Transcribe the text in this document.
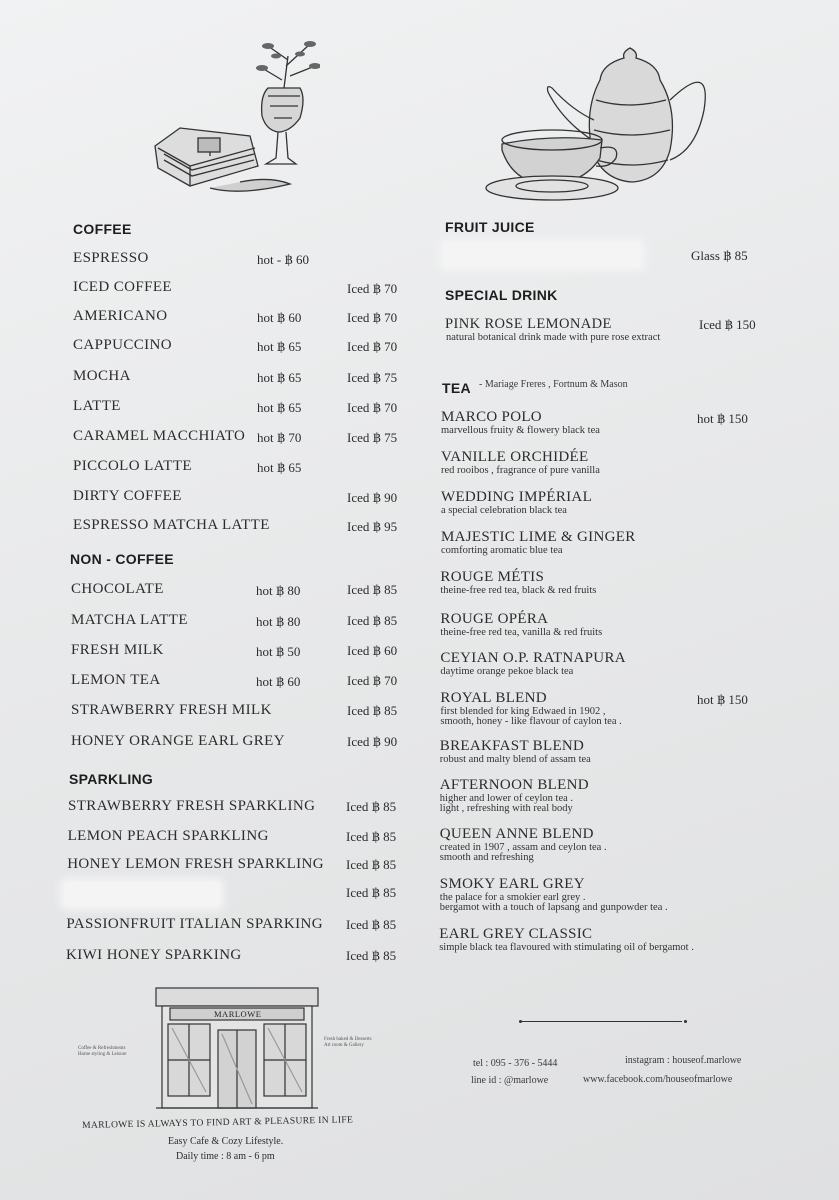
COFFEE
NON - COFFEE
SPARKLING
FRUIT JUICE
Glass ฿ 85
SPECIAL DRINK
PINK ROSE LEMONADE	Iced ฿ 150
natural botanical drink made with pure rose extract
TEA - Mariage Freres , Fortnum & Mason
tel : 095 - 376 - 5444
line id : @marlowe
instagram : houseof.marlowe
www.facebook.com/houseofmarlowe
MARLOWE
Coffee & Refreshments
Home styling & Leisure
Fresh baked & Desserts
Art room & Gallery
MARLOWE IS ALWAYS TO FIND ART & PLEASURE IN LIFE
Easy Cafe & Cozy Lifestyle.
Daily time : 8 am - 6 pm
ESPRESSO	hot - ฿ 60
ICED COFFEE	Iced ฿ 70
AMERICANO	hot ฿ 60	Iced ฿ 70
CAPPUCCINO	hot ฿ 65	Iced ฿ 70
MOCHA	hot ฿ 65	Iced ฿ 75
LATTE	hot ฿ 65	Iced ฿ 70
CARAMEL MACCHIATO hot ฿ 70	Iced ฿ 75
PICCOLO LATTE	hot ฿ 65
DIRTY COFFEE	Iced ฿ 90
ESPRESSO MATCHA LATTE	Iced ฿ 95
CHOCOLATE	hot ฿ 80	Iced ฿ 85
MATCHA LATTE	hot ฿ 80	Iced ฿ 85
FRESH MILK	hot ฿ 50	Iced ฿ 60
LEMON TEA	hot ฿ 60	Iced ฿ 70
STRAWBERRY FRESH MILK	Iced ฿ 85
HONEY ORANGE EARL GREY	Iced ฿ 90
STRAWBERRY FRESH SPARKLING Iced ฿ 85
LEMON PEACH SPARKLING	Iced ฿ 85
HONEY LEMON FRESH SPARKLING Iced ฿ 85
Iced ฿ 85
PASSIONFRUIT ITALIAN SPARKING Iced ฿ 85
KIWI HONEY SPARKING	Iced ฿ 85
MARCO POLO	hot ฿ 150
marvellous fruity & flowery black tea
VANILLE ORCHIDÉE
red rooibos , fragrance of pure vanilla
WEDDING IMPÉRIAL
a special celebration black tea
MAJESTIC LIME & GINGER
comforting aromatic blue tea
ROUGE MÉTIS
theine-free red tea, black & red fruits
ROUGE OPÉRA
theine-free red tea, vanilla & red fruits
CEYIAN O.P. RATNAPURA
daytime orange pekoe black tea
ROYAL BLEND	hot ฿ 150
first blended for king Edwaed in 1902 ,
smooth, honey - like flavour of caylon tea .
BREAKFAST BLEND
robust and malty blend of assam tea
AFTERNOON BLEND
higher and lower of ceylon tea .
light , refreshing with real body
QUEEN ANNE BLEND
created in 1907 , assam and ceylon tea .
smooth and refreshing
SMOKY EARL GREY
the palace for a smokier earl grey .
bergamot with a touch of lapsang and gunpowder tea .
EARL GREY CLASSIC
simple black tea flavoured with stimulating oil of bergamot .
